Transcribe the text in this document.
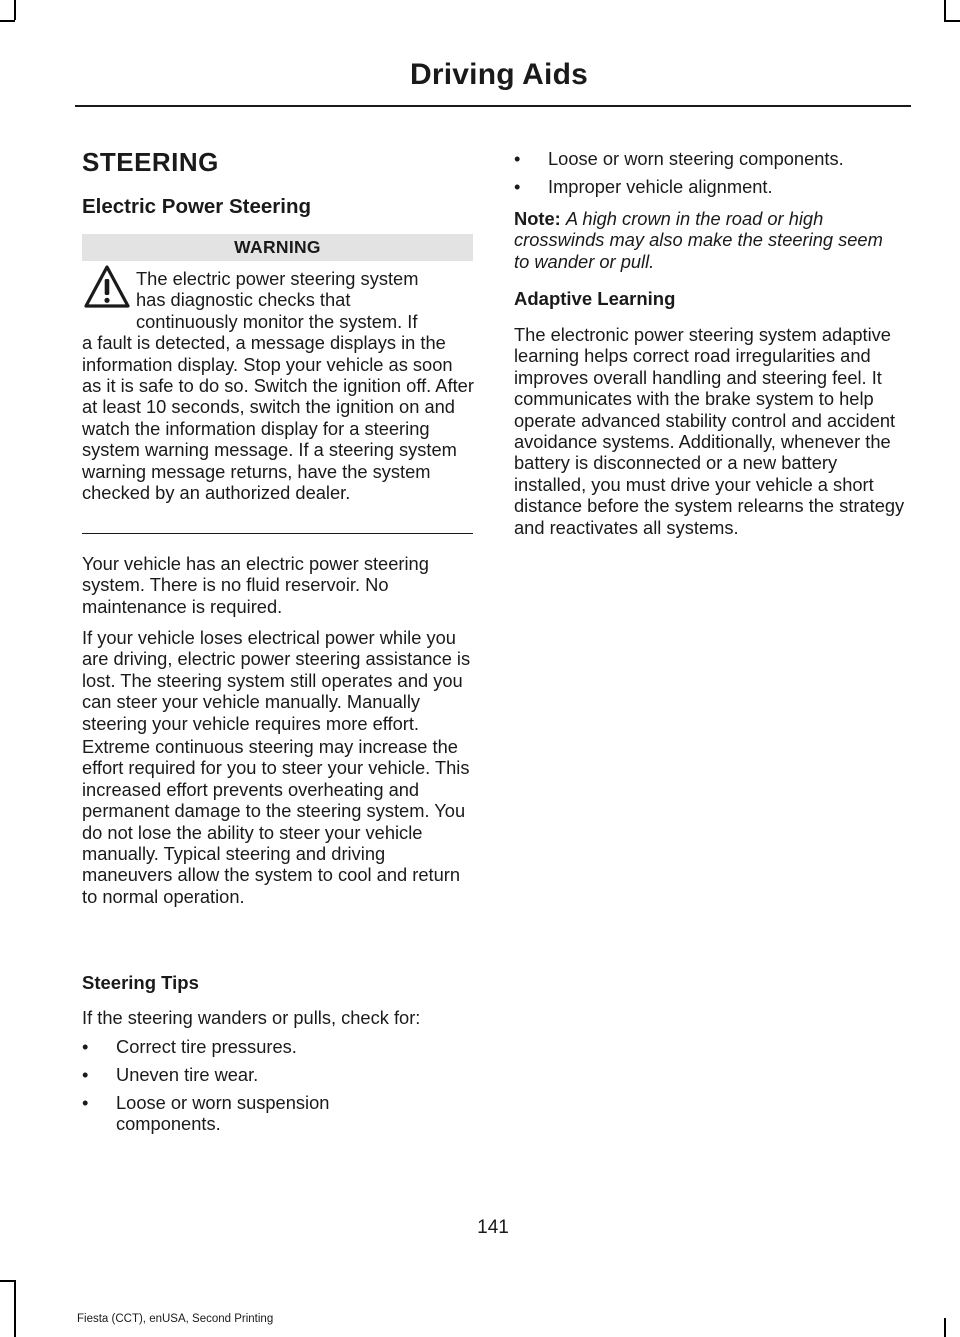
Driving Aids
STEERING
Electric Power Steering
WARNING
The electric power steering system
has diagnostic checks that
continuously monitor the system. If
a fault is detected, a message displays in the information display. Stop your vehicle as soon as it is safe to do so. Switch the ignition off. After at least 10 seconds, switch the ignition on and watch the information display for a steering system warning message. If a steering system warning message returns, have the system checked by an authorized dealer.

Your vehicle has an electric power steering system. There is no fluid reservoir. No maintenance is required.

If your vehicle loses electrical power while you are driving, electric power steering assistance is lost. The steering system still operates and you can steer your vehicle manually. Manually steering your vehicle requires more effort.

Extreme continuous steering may increase the effort required for you to steer your vehicle. This increased effort prevents overheating and permanent damage to the steering system. You do not lose the ability to steer your vehicle manually. Typical steering and driving maneuvers allow the system to cool and return to normal operation.

Steering Tips

If the steering wanders or pulls, check for:

•	Correct tire pressures.
•	Uneven tire wear.
•	Loose or worn suspension components.
•	Loose or worn steering components.
•	Improper vehicle alignment.

Note: A high crown in the road or high crosswinds may also make the steering seem to wander or pull.

Adaptive Learning

The electronic power steering system adaptive learning helps correct road irregularities and improves overall handling and steering feel. It communicates with the brake system to help operate advanced stability control and accident avoidance systems. Additionally, whenever the battery is disconnected or a new battery installed, you must drive your vehicle a short distance before the system relearns the strategy and reactivates all systems.

141
Fiesta (CCT), enUSA, Second Printing
